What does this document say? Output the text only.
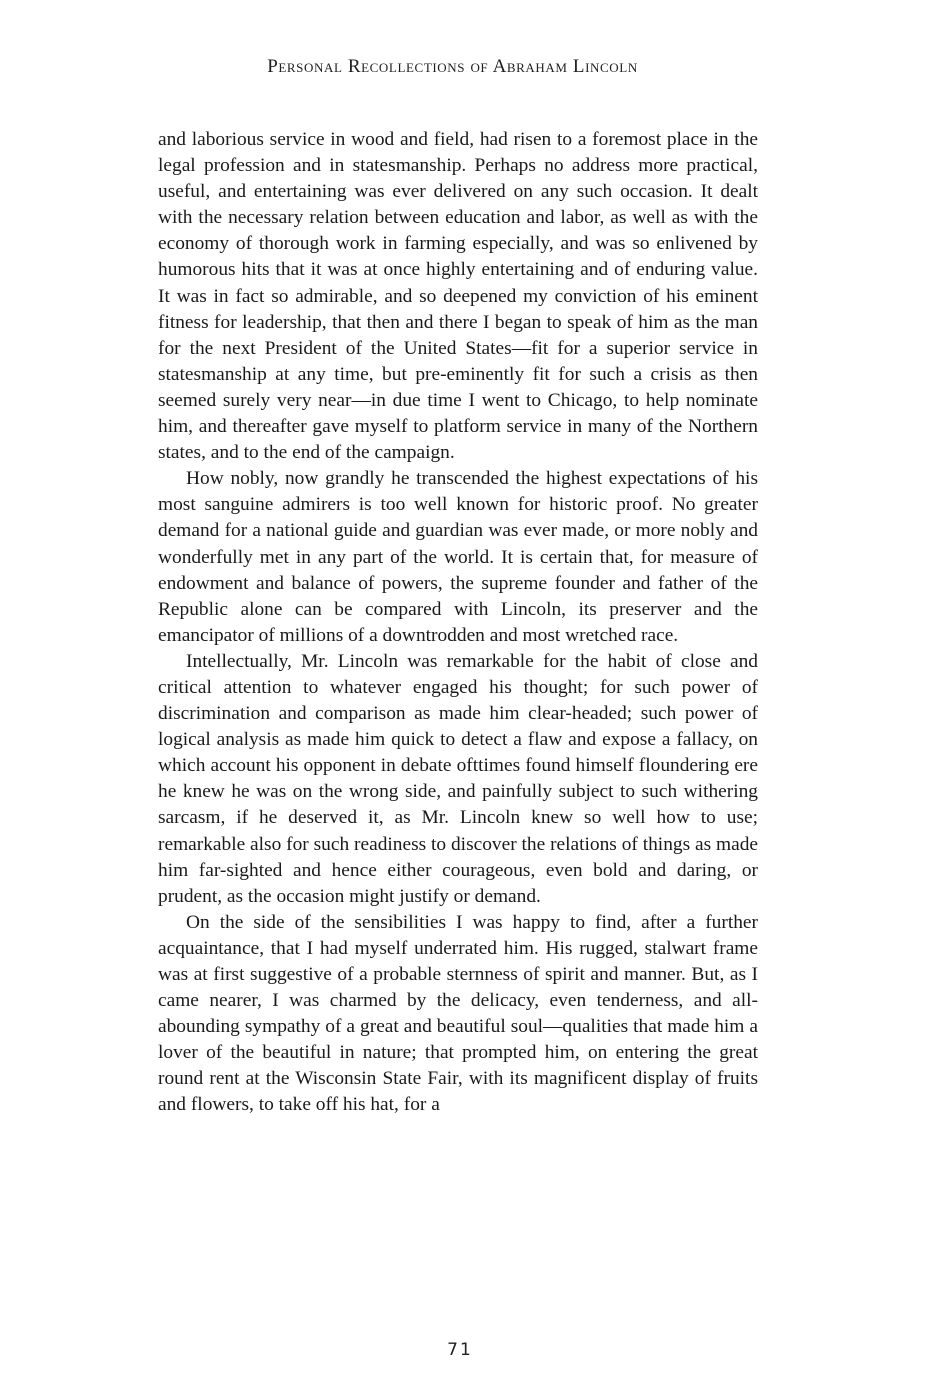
Personal Recollections of Abraham Lincoln

and laborious service in wood and field, had risen to a foremost place in the legal profession and in statesmanship. Perhaps no address more practical, useful, and entertaining was ever delivered on any such occasion. It dealt with the necessary relation between education and labor, as well as with the economy of thorough work in farming especially, and was so enlivened by humorous hits that it was at once highly entertaining and of enduring value. It was in fact so admirable, and so deepened my conviction of his eminent fitness for leadership, that then and there I began to speak of him as the man for the next President of the United States—fit for a superior service in statesmanship at any time, but pre-eminently fit for such a crisis as then seemed surely very near—in due time I went to Chicago, to help nominate him, and thereafter gave myself to platform service in many of the Northern states, and to the end of the campaign.

How nobly, now grandly he transcended the highest expectations of his most sanguine admirers is too well known for historic proof. No greater demand for a national guide and guardian was ever made, or more nobly and wonderfully met in any part of the world. It is certain that, for measure of endowment and balance of powers, the supreme founder and father of the Republic alone can be compared with Lincoln, its preserver and the emancipator of millions of a downtrodden and most wretched race.

Intellectually, Mr. Lincoln was remarkable for the habit of close and critical attention to whatever engaged his thought; for such power of discrimination and comparison as made him clear-headed; such power of logical analysis as made him quick to detect a flaw and expose a fallacy, on which account his opponent in debate ofttimes found himself floundering ere he knew he was on the wrong side, and painfully subject to such withering sarcasm, if he deserved it, as Mr. Lincoln knew so well how to use; remarkable also for such readiness to discover the relations of things as made him far-sighted and hence either courageous, even bold and daring, or prudent, as the occasion might justify or demand.

On the side of the sensibilities I was happy to find, after a further acquaintance, that I had myself underrated him. His rugged, stalwart frame was at first suggestive of a probable sternness of spirit and manner. But, as I came nearer, I was charmed by the delicacy, even tenderness, and all-abounding sympathy of a great and beautiful soul—qualities that made him a lover of the beautiful in nature; that prompted him, on entering the great round rent at the Wisconsin State Fair, with its magnificent display of fruits and flowers, to take off his hat, for a

71
